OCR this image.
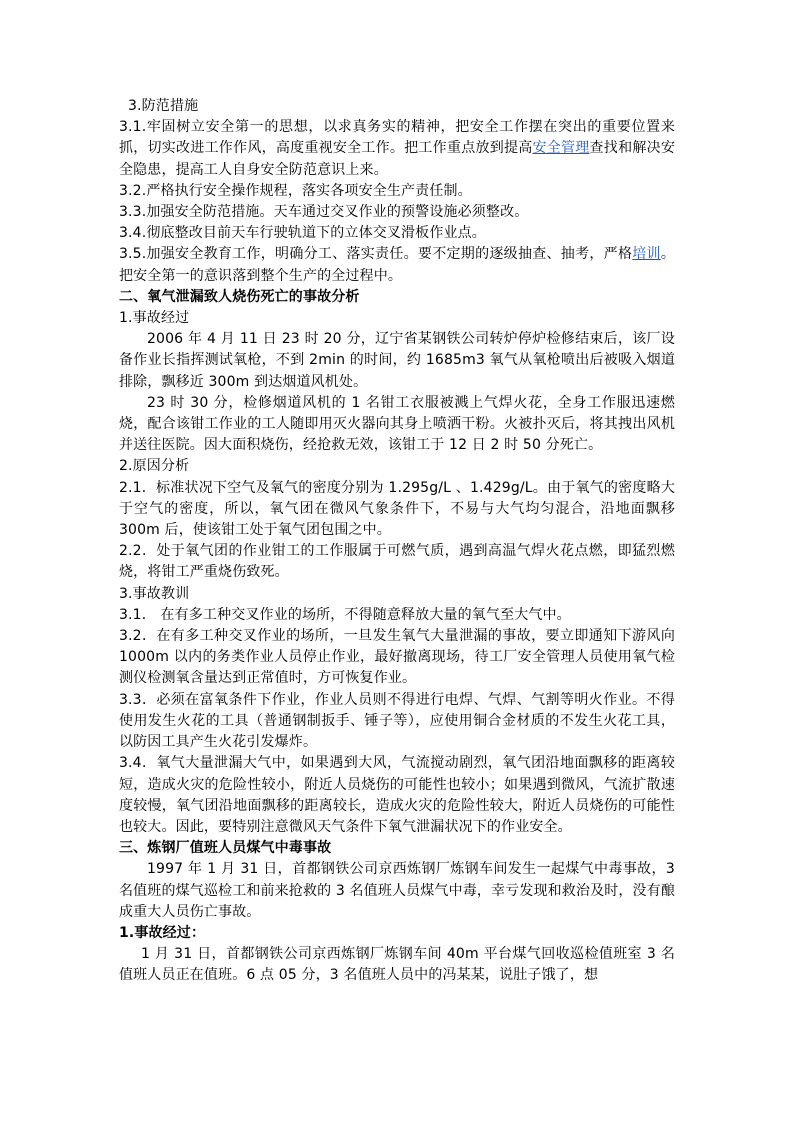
3.防范措施

3.1.牢固树立安全第一的思想，以求真务实的精神，把安全工作摆在突出的重要位置来抓，切实改进工作作风，高度重视安全工作。把工作重点放到提高安全管理查找和解决安全隐患，提高工人自身安全防范意识上来。

3.2.严格执行安全操作规程，落实各项安全生产责任制。

3.3.加强安全防范措施。天车通过交叉作业的预警设施必须整改。

3.4.彻底整改目前天车行驶轨道下的立体交叉滑板作业点。

3.5.加强安全教育工作，明确分工、落实责任。要不定期的逐级抽查、抽考，严格培训。把安全第一的意识落到整个生产的全过程中。

二、氧气泄漏致人烧伤死亡的事故分析

1.事故经过

2006 年 4 月 11 日 23 时 20 分，辽宁省某钢铁公司转炉停炉检修结束后，该厂设备作业长指挥测试氧枪，不到 2min 的时间，约 1685m3 氧气从氧枪喷出后被吸入烟道排除，飘移近 300m 到达烟道风机处。

23 时 30 分，检修烟道风机的 1 名钳工衣服被溅上气焊火花，全身工作服迅速燃烧，配合该钳工作业的工人随即用灭火器向其身上喷洒干粉。火被扑灭后，将其拽出风机并送往医院。因大面积烧伤，经抢救无效，该钳工于 12 日 2 时 50 分死亡。

2.原因分析

2.1．标准状况下空气及氧气的密度分别为 1.295g/L 、1.429g/L。由于氧气的密度略大于空气的密度，所以，氧气团在微风气象条件下，不易与大气均匀混合，沿地面飘移 300m 后，使该钳工处于氧气团包围之中。

2.2．处于氧气团的作业钳工的工作服属于可燃气质，遇到高温气焊火花点燃，即猛烈燃烧，将钳工严重烧伤致死。

3.事故教训

3.1． 在有多工种交叉作业的场所，不得随意释放大量的氧气至大气中。

3.2．在有多工种交叉作业的场所，一旦发生氧气大量泄漏的事故，要立即通知下游风向 1000m 以内的务类作业人员停止作业，最好撤离现场，待工厂安全管理人员使用氧气检测仪检测氧含量达到正常值时，方可恢复作业。

3.3．必须在富氧条件下作业，作业人员则不得进行电焊、气焊、气割等明火作业。不得使用发生火花的工具（普通钢制扳手、锤子等），应使用铜合金材质的不发生火花工具，以防因工具产生火花引发爆炸。

3.4．氧气大量泄漏大气中，如果遇到大风，气流搅动剧烈，氧气团沿地面飘移的距离较短，造成火灾的危险性较小，附近人员烧伤的可能性也较小；如果遇到微风，气流扩散速度较慢，氧气团沿地面飘移的距离较长，造成火灾的危险性较大，附近人员烧伤的可能性也较大。因此，要特别注意微风天气条件下氧气泄漏状况下的作业安全。

三、炼钢厂值班人员煤气中毒事故

1997 年 1 月 31 日，首都钢铁公司京西炼钢厂炼钢车间发生一起煤气中毒事故，3 名值班的煤气巡检工和前来抢救的 3 名值班人员煤气中毒，幸亏发现和救治及时，没有酿成重大人员伤亡事故。

1.事故经过：

1 月 31 日，首都钢铁公司京西炼钢厂炼钢车间 40m 平台煤气回收巡检值班室 3 名值班人员正在值班。6 点 05 分，3 名值班人员中的冯某某，说肚子饿了，想
